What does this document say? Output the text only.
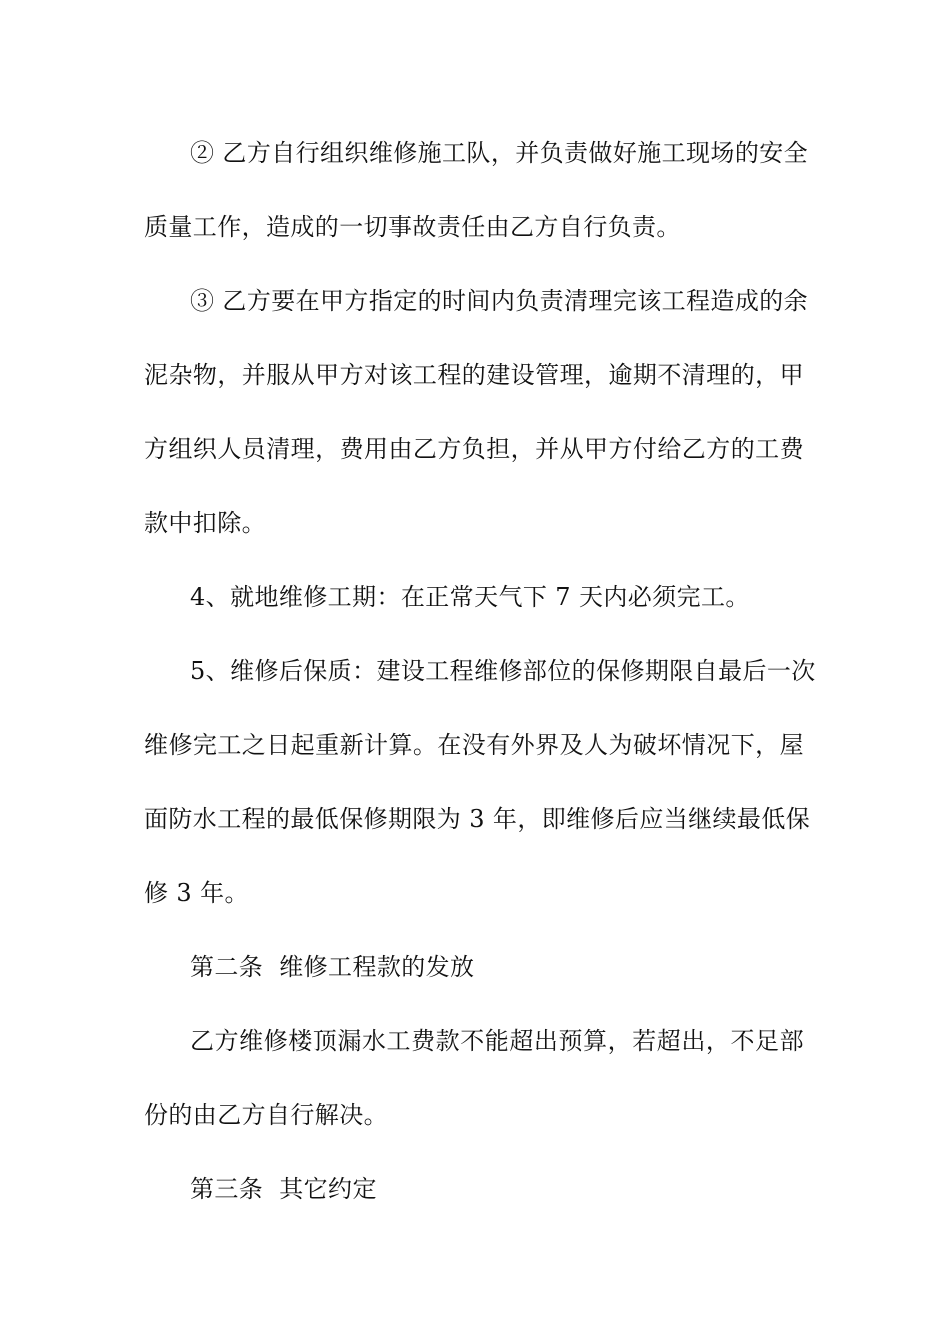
② 乙方自行组织维修施工队，并负责做好施工现场的安全
质量工作，造成的一切事故责任由乙方自行负责。
③ 乙方要在甲方指定的时间内负责清理完该工程造成的余
泥杂物，并服从甲方对该工程的建设管理，逾期不清理的，甲
方组织人员清理，费用由乙方负担，并从甲方付给乙方的工费
款中扣除。
4、就地维修工期：在正常天气下 7 天内必须完工。
5、维修后保质：建设工程维修部位的保修期限自最后一次
维修完工之日起重新计算。在没有外界及人为破坏情况下，屋
面防水工程的最低保修期限为 3 年，即维修后应当继续最低保
修 3 年。
第二条  维修工程款的发放
乙方维修楼顶漏水工费款不能超出预算，若超出，不足部
份的由乙方自行解决。
第三条  其它约定
